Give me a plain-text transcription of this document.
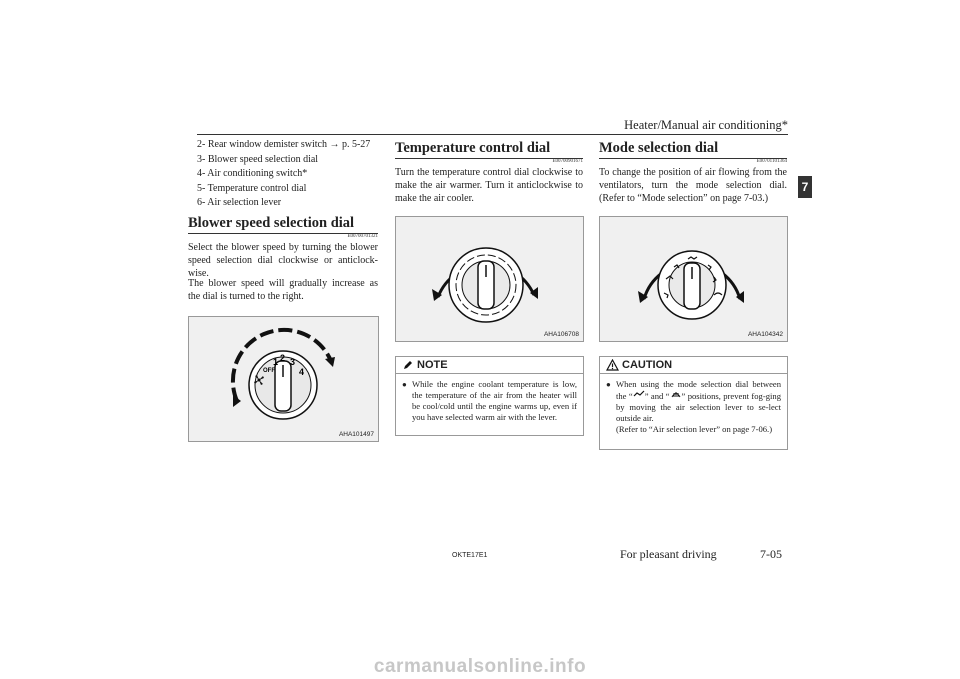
Heater/Manual air conditioning*
2- Rear window demister switch → p. 5-27
3- Blower speed selection dial
4- Air conditioning switch*
5- Temperature control dial
6- Air selection lever
Blower speed selection dial
E00700701321
Select the blower speed by turning the blower speed selection dial clockwise or anticlock-wise.
The blower speed will gradually increase as the dial is turned to the right.
OFF
1 2 3
4
AHA101497
Temperature control dial
E00700901671
Turn the temperature control dial clockwise to make the air warmer. Turn it anticlockwise to make the air cooler.
AHA106708
NOTE
● While the engine coolant temperature is low, the temperature of the air from the heater will be cool/cold until the engine warms up, even if you have selected warm air with the lever.
Mode selection dial
E00701101364
To change the position of air flowing from the ventilators, turn the mode selection dial. (Refer to “Mode selection” on page 7-03.)
AHA104342
CAUTION
● When using the mode selection dial between the “ ” and “ ” positions, prevent fog-ging by moving the air selection lever to se-lect outside air.
(Refer to “Air selection lever” on page 7-06.)
7
OKTE17E1	For pleasant driving	7-05
carmanualsonline.info
